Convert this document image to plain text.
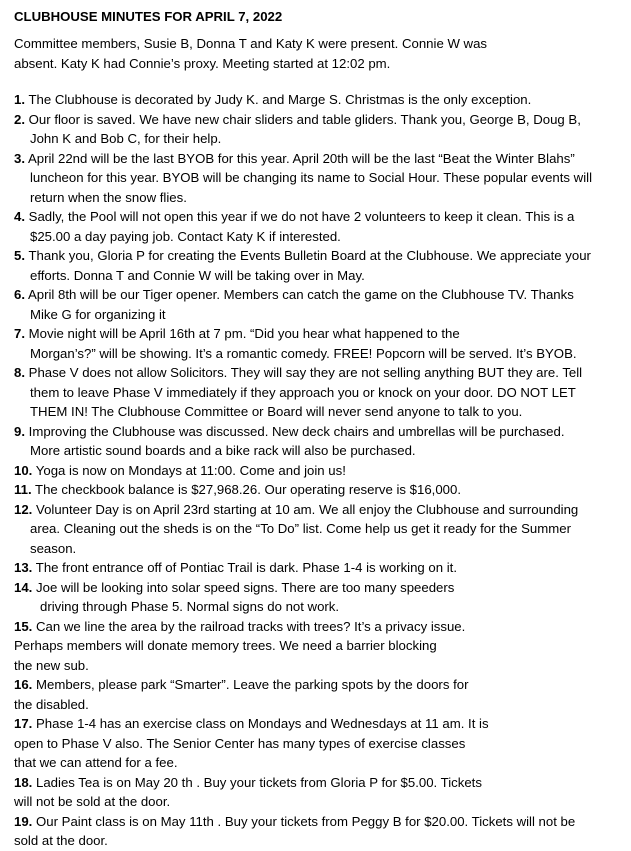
CLUBHOUSE MINUTES FOR APRIL 7, 2022
Committee members, Susie B, Donna T and Katy K were present. Connie W was
absent. Katy K had Connie’s proxy. Meeting started at 12:02 pm.
1. The Clubhouse is decorated by Judy K. and Marge S. Christmas is the only exception.
2. Our floor is saved. We have new chair sliders and table gliders. Thank you, George B, Doug B,
John K and Bob C, for their help.
3. April 22nd will be the last BYOB for this year. April 20th will be the last “Beat the Winter Blahs”
luncheon for this year. BYOB will be changing its name to Social Hour. These popular events will
return when the snow flies.
4. Sadly, the Pool will not open this year if we do not have 2 volunteers to keep it clean. This is a
$25.00 a day paying job. Contact Katy K if interested.
5. Thank you, Gloria P for creating the Events Bulletin Board at the Clubhouse. We appreciate your
efforts. Donna T and Connie W will be taking over in May.
6. April 8th will be our Tiger opener. Members can catch the game on the Clubhouse TV. Thanks
Mike G for organizing it
7. Movie night will be April 16th at 7 pm. “Did you hear what happened to the
Morgan’s?” will be showing. It’s a romantic comedy. FREE! Popcorn will be served. It’s BYOB.
8. Phase V does not allow Solicitors. They will say they are not selling anything BUT they are. Tell
them to leave Phase V immediately if they approach you or knock on your door. DO NOT LET
THEM IN! The Clubhouse Committee or Board will never send anyone to talk to you.
9. Improving the Clubhouse was discussed. New deck chairs and umbrellas will be purchased.
More artistic sound boards and a bike rack will also be purchased.
10. Yoga is now on Mondays at 11:00. Come and join us!
11. The checkbook balance is $27,968.26. Our operating reserve is $16,000.
12. Volunteer Day is on April 23rd starting at 10 am. We all enjoy the Clubhouse and surrounding
area. Cleaning out the sheds is on the “To Do” list. Come help us get it ready for the Summer
season.
13. The front entrance off of Pontiac Trail is dark. Phase 1-4 is working on it.
14. Joe will be looking into solar speed signs. There are too many speeders
driving through Phase 5. Normal signs do not work.
15. Can we line the area by the railroad tracks with trees? It’s a privacy issue.
Perhaps members will donate memory trees. We need a barrier blocking
the new sub.
16. Members, please park “Smarter”. Leave the parking spots by the doors for
the disabled.
17. Phase 1-4 has an exercise class on Mondays and Wednesdays at 11 am. It is
open to Phase V also. The Senior Center has many types of exercise classes
that we can attend for a fee.
18. Ladies Tea is on May 20 th . Buy your tickets from Gloria P for $5.00. Tickets
will not be sold at the door.
19. Our Paint class is on May 11th . Buy your tickets from Peggy B for $20.00. Tickets will not be
sold at the door.
